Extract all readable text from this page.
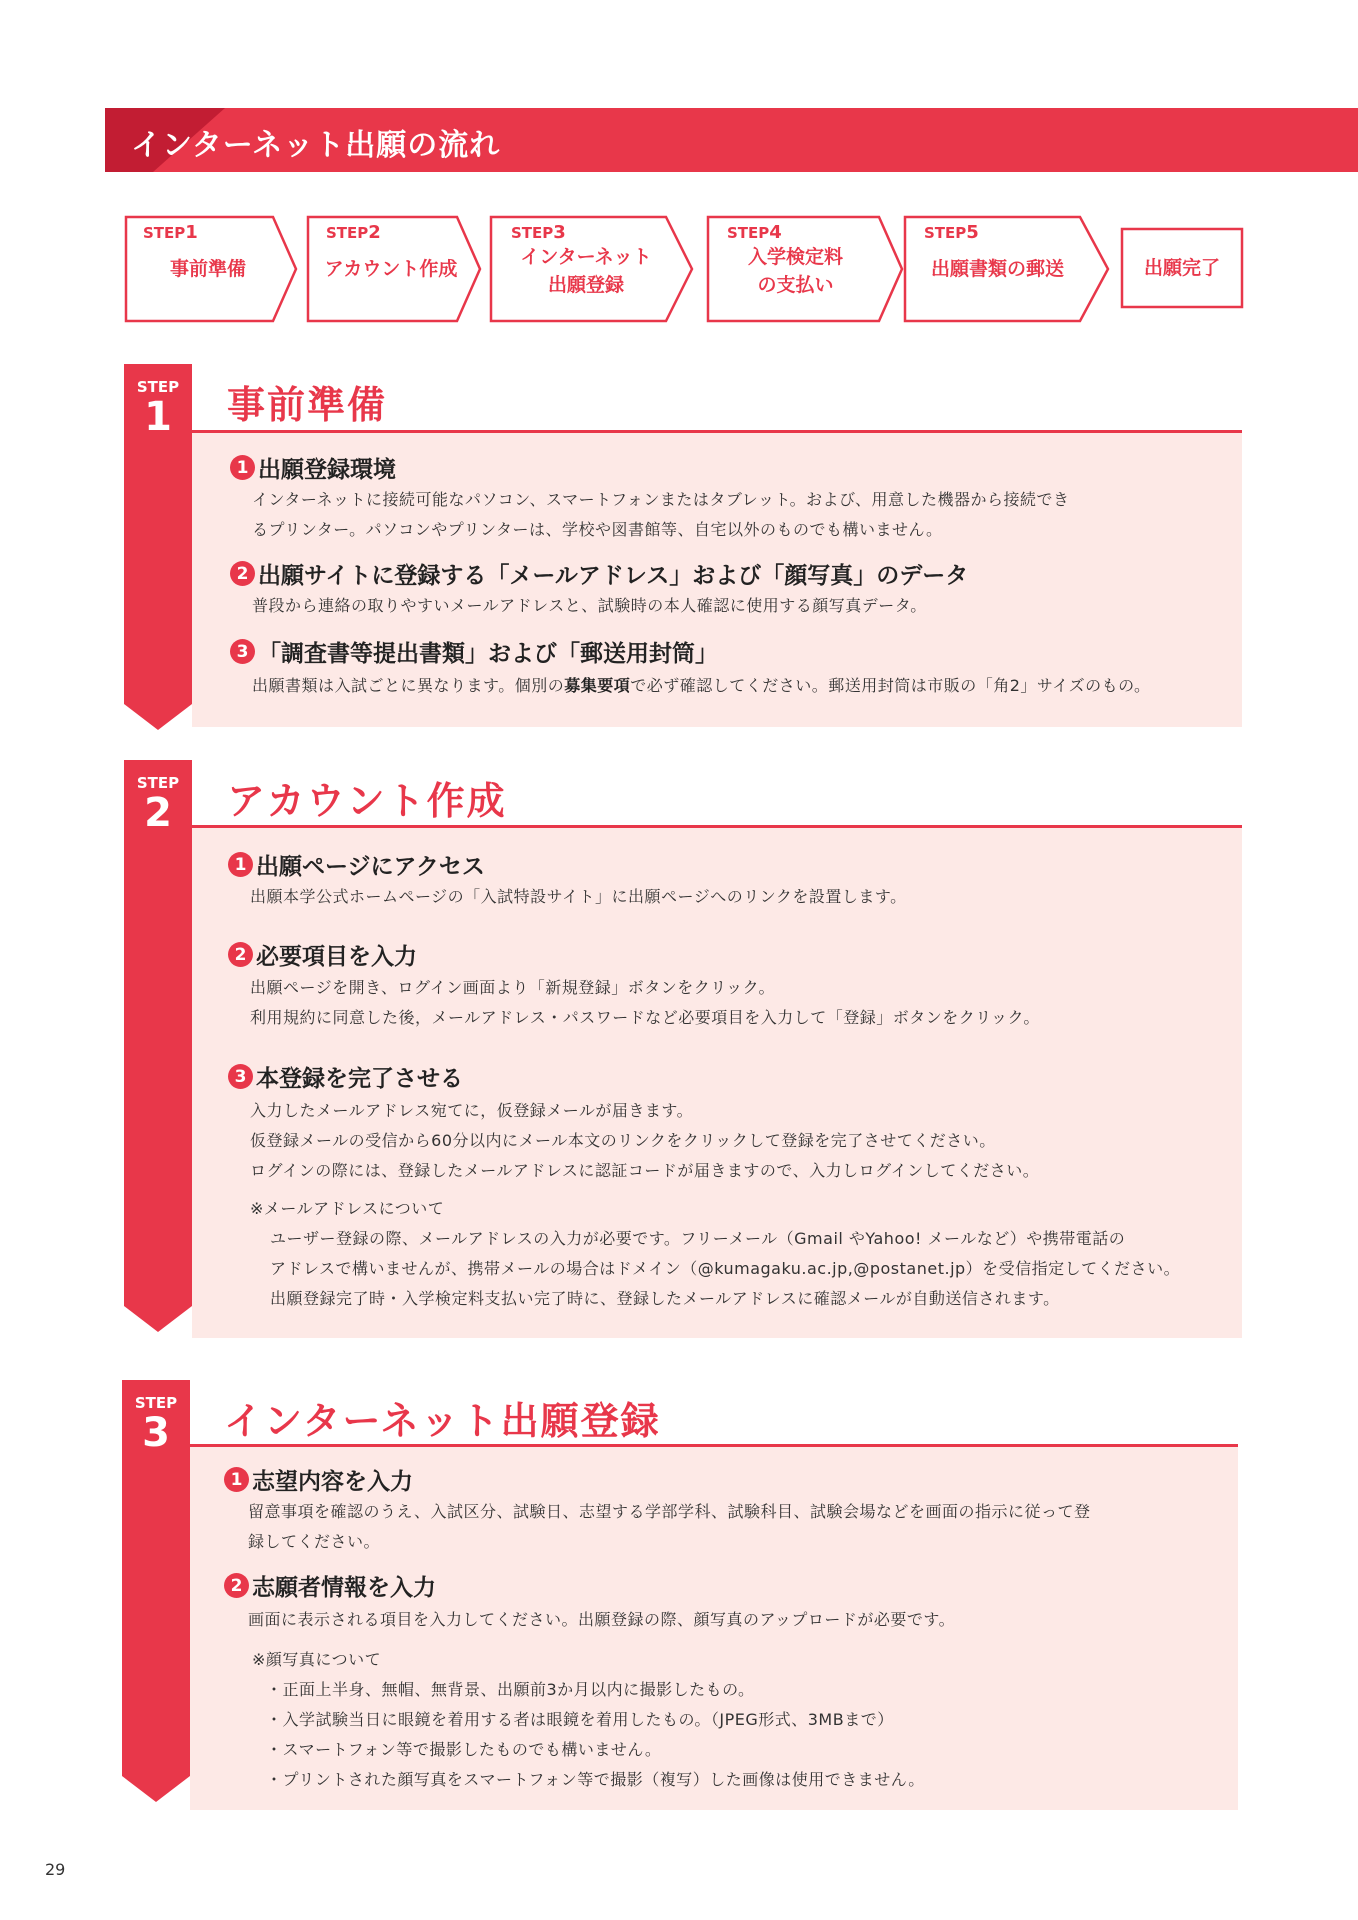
インターネット出願の流れ
STEP1
事前準備
STEP2
アカウント作成
STEP3
インターネット
出願登録
STEP4
入学検定料
の支払い
STEP5
出願書類の郵送	出願完了
STEP
1	事前準備
1 出願登録環境
インターネットに接続可能なパソコン、スマートフォンまたはタブレット。および、用意した機器から接続でき
るプリンター。パソコンやプリンターは、学校や図書館等、自宅以外のものでも構いません。
2 出願サイトに登録する「メールアドレス」および「顔写真」のデータ
普段から連絡の取りやすいメールアドレスと、試験時の本人確認に使用する顔写真データ。
3 「調査書等提出書類」および「郵送用封筒」
出願書類は入試ごとに異なります。個別の募集要項で必ず確認してください。郵送用封筒は市販の「角2」サイズのもの。
STEP
2	アカウント作成
1 出願ページにアクセス
出願本学公式ホームページの「入試特設サイト」に出願ページへのリンクを設置します。
2 必要項目を入力
出願ページを開き、ログイン画面より「新規登録」ボタンをクリック。
利用規約に同意した後，メールアドレス・パスワードなど必要項目を入力して「登録」ボタンをクリック。
3 本登録を完了させる
入力したメールアドレス宛てに，仮登録メールが届きます。
仮登録メールの受信から60分以内にメール本文のリンクをクリックして登録を完了させてください。
ログインの際には、登録したメールアドレスに認証コードが届きますので、入力しログインしてください。
※メールアドレスについて
ユーザー登録の際、メールアドレスの入力が必要です。フリーメール（Gmail やYahoo! メールなど）や携帯電話の
アドレスで構いませんが、携帯メールの場合はドメイン（@kumagaku.ac.jp,@postanet.jp）を受信指定してください。
出願登録完了時・入学検定料支払い完了時に、登録したメールアドレスに確認メールが自動送信されます。
STEP
3	インターネット出願登録
1 志望内容を入力
留意事項を確認のうえ、入試区分、試験日、志望する学部学科、試験科目、試験会場などを画面の指示に従って登
録してください。
2 志願者情報を入力
画面に表示される項目を入力してください。出願登録の際、顔写真のアップロードが必要です。
※顔写真について
・正面上半身、無帽、無背景、出願前3か月以内に撮影したもの。
・入学試験当日に眼鏡を着用する者は眼鏡を着用したもの。（JPEG形式、3MBまで）
・スマートフォン等で撮影したものでも構いません。
・プリントされた顔写真をスマートフォン等で撮影（複写）した画像は使用できません。
29
